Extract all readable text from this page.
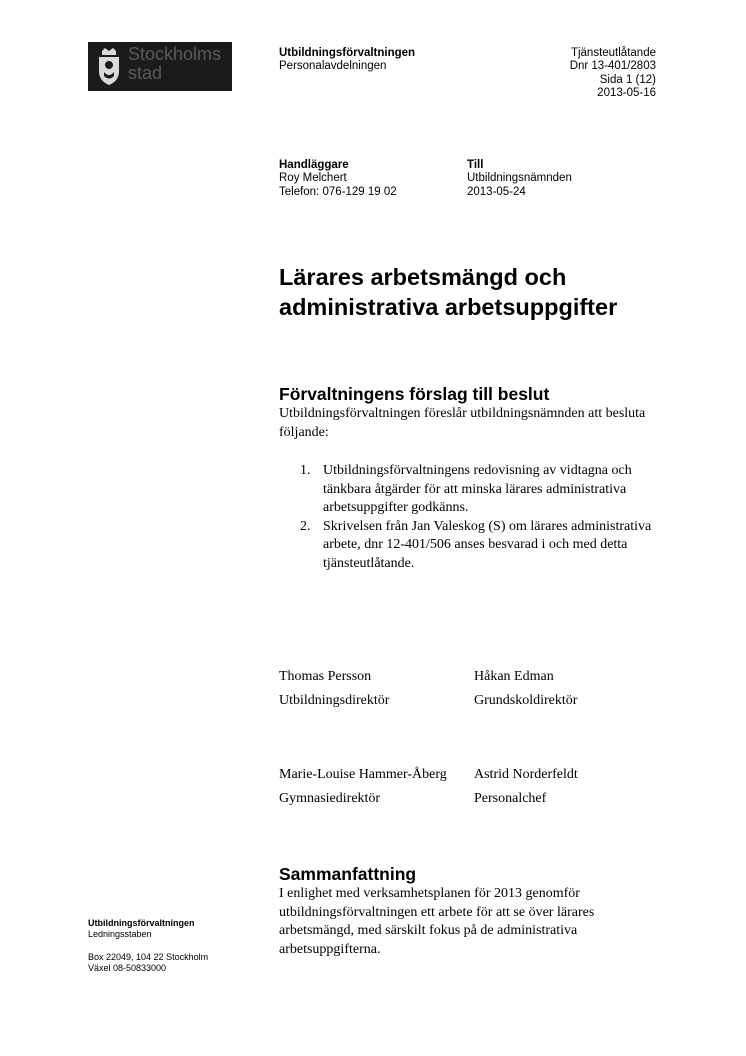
Stockholms
stad
Utbildningsförvaltningen
Personalavdelningen
Tjänsteutlåtande
Dnr 13-401/2803
Sida 1 (12)
2013-05-16
Handläggare
Roy Melchert
Telefon: 076-129 19 02
Till
Utbildningsnämnden
2013-05-24
Lärares arbetsmängd och administrativa arbetsuppgifter
Förvaltningens förslag till beslut
Utbildningsförvaltningen föreslår utbildningsnämnden att besluta följande:
1. Utbildningsförvaltningens redovisning av vidtagna och tänkbara åtgärder för att minska lärares administrativa arbetsuppgifter godkänns.
2. Skrivelsen från Jan Valeskog (S) om lärares administrativa arbete, dnr 12-401/506 anses besvarad i och med detta tjänsteutlåtande.
Thomas Persson
Utbildningsdirektör
Håkan Edman
Grundskoldirektör
Marie-Louise Hammer-Åberg
Gymnasiedirektör
Astrid Norderfeldt
Personalchef
Sammanfattning
I enlighet med verksamhetsplanen för 2013 genomför utbildningsförvaltningen ett arbete för att se över lärares arbetsmängd, med särskilt fokus på de administrativa arbetsuppgifterna.
Utbildningsförvaltningen
Ledningsstaben
Box 22049, 104 22 Stockholm
Växel 08-50833000
